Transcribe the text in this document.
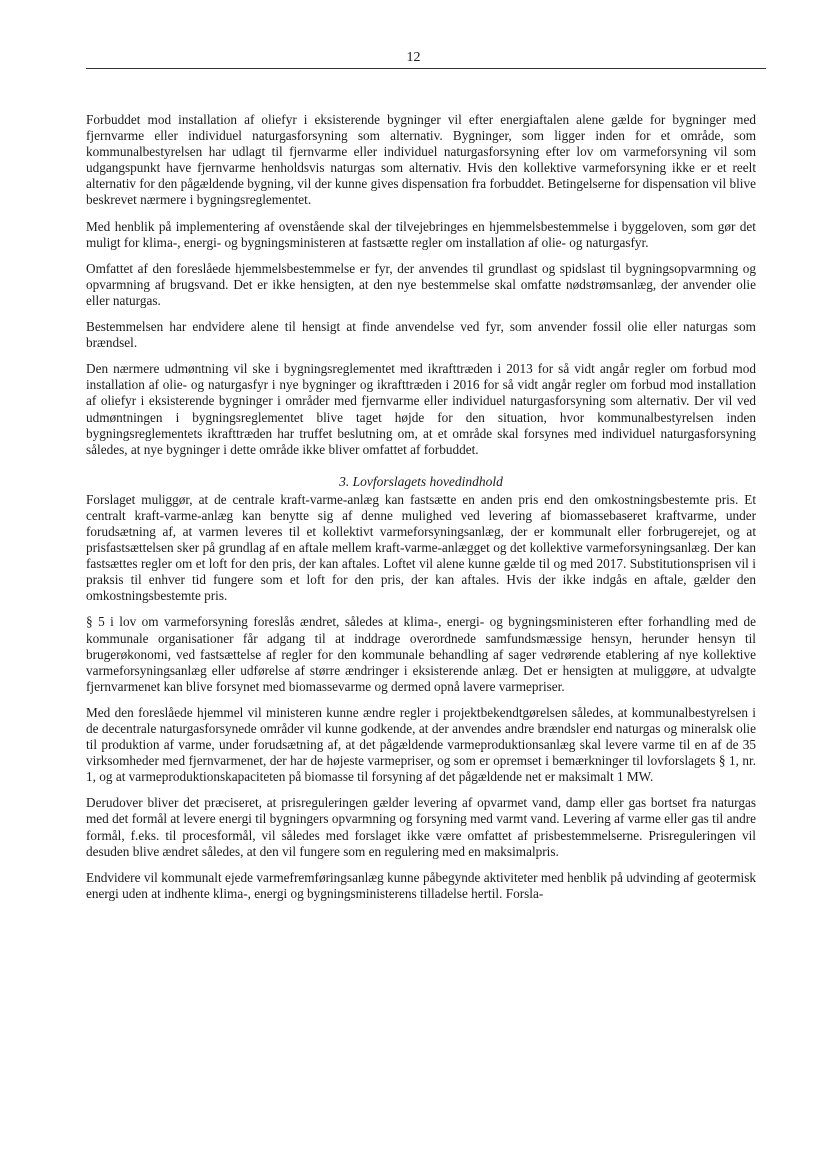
12

Forbuddet mod installation af oliefyr i eksisterende bygninger vil efter energiaftalen alene gælde for bygninger med fjernvarme eller individuel naturgasforsyning som alternativ. Bygninger, som ligger inden for et område, som kommunalbestyrelsen har udlagt til fjernvarme eller individuel naturgasforsyning efter lov om varmeforsyning vil som udgangspunkt have fjernvarme henholdsvis naturgas som alternativ. Hvis den kollektive varmeforsyning ikke er et reelt alternativ for den pågældende bygning, vil der kunne gives dispensation fra forbuddet. Betingelserne for dispensation vil blive beskrevet nærmere i bygningsreglementet.

Med henblik på implementering af ovenstående skal der tilvejebringes en hjemmelsbestemmelse i byggeloven, som gør det muligt for klima-, energi- og bygningsministeren at fastsætte regler om installation af olie- og naturgasfyr.

Omfattet af den foreslåede hjemmelsbestemmelse er fyr, der anvendes til grundlast og spidslast til bygningsopvarmning og opvarmning af brugsvand. Det er ikke hensigten, at den nye bestemmelse skal omfatte nødstrømsanlæg, der anvender olie eller naturgas.

Bestemmelsen har endvidere alene til hensigt at finde anvendelse ved fyr, som anvender fossil olie eller naturgas som brændsel.

Den nærmere udmøntning vil ske i bygningsreglementet med ikrafttræden i 2013 for så vidt angår regler om forbud mod installation af olie- og naturgasfyr i nye bygninger og ikrafttræden i 2016 for så vidt angår regler om forbud mod installation af oliefyr i eksisterende bygninger i områder med fjernvarme eller individuel naturgasforsyning som alternativ. Der vil ved udmøntningen i bygningsreglementet blive taget højde for den situation, hvor kommunalbestyrelsen inden bygningsreglementets ikrafttræden har truffet beslutning om, at et område skal forsynes med individuel naturgasforsyning således, at nye bygninger i dette område ikke bliver omfattet af forbuddet.

3. Lovforslagets hovedindhold

Forslaget muliggør, at de centrale kraft-varme-anlæg kan fastsætte en anden pris end den omkostningsbestemte pris. Et centralt kraft-varme-anlæg kan benytte sig af denne mulighed ved levering af biomassebaseret kraftvarme, under forudsætning af, at varmen leveres til et kollektivt varmeforsyningsanlæg, der er kommunalt eller forbrugerejet, og at prisfastsættelsen sker på grundlag af en aftale mellem kraft-varme-anlægget og det kollektive varmeforsyningsanlæg. Der kan fastsættes regler om et loft for den pris, der kan aftales. Loftet vil alene kunne gælde til og med 2017. Substitutionsprisen vil i praksis til enhver tid fungere som et loft for den pris, der kan aftales. Hvis der ikke indgås en aftale, gælder den omkostningsbestemte pris.

§ 5 i lov om varmeforsyning foreslås ændret, således at klima-, energi- og bygningsministeren efter forhandling med de kommunale organisationer får adgang til at inddrage overordnede samfundsmæssige hensyn, herunder hensyn til brugerøkonomi, ved fastsættelse af regler for den kommunale behandling af sager vedrørende etablering af nye kollektive varmeforsyningsanlæg eller udførelse af større ændringer i eksisterende anlæg. Det er hensigten at muliggøre, at udvalgte fjernvarmenet kan blive forsynet med biomassevarme og dermed opnå lavere varmepriser.

Med den foreslåede hjemmel vil ministeren kunne ændre regler i projektbekendtgørelsen således, at kommunalbestyrelsen i de decentrale naturgasforsynede områder vil kunne godkende, at der anvendes andre brændsler end naturgas og mineralsk olie til produktion af varme, under forudsætning af, at det pågældende varmeproduktionsanlæg skal levere varme til en af de 35 virksomheder med fjernvarmenet, der har de højeste varmepriser, og som er opremset i bemærkninger til lovforslagets § 1, nr. 1, og at varmeproduktionskapaciteten på biomasse til forsyning af det pågældende net er maksimalt 1 MW.

Derudover bliver det præciseret, at prisreguleringen gælder levering af opvarmet vand, damp eller gas bortset fra naturgas med det formål at levere energi til bygningers opvarmning og forsyning med varmt vand. Levering af varme eller gas til andre formål, f.eks. til procesformål, vil således med forslaget ikke være omfattet af prisbestemmelserne. Prisreguleringen vil desuden blive ændret således, at den vil fungere som en regulering med en maksimalpris.

Endvidere vil kommunalt ejede varmefremføringsanlæg kunne påbegynde aktiviteter med henblik på udvinding af geotermisk energi uden at indhente klima-, energi og bygningsministerens tilladelse hertil. Forsla-
